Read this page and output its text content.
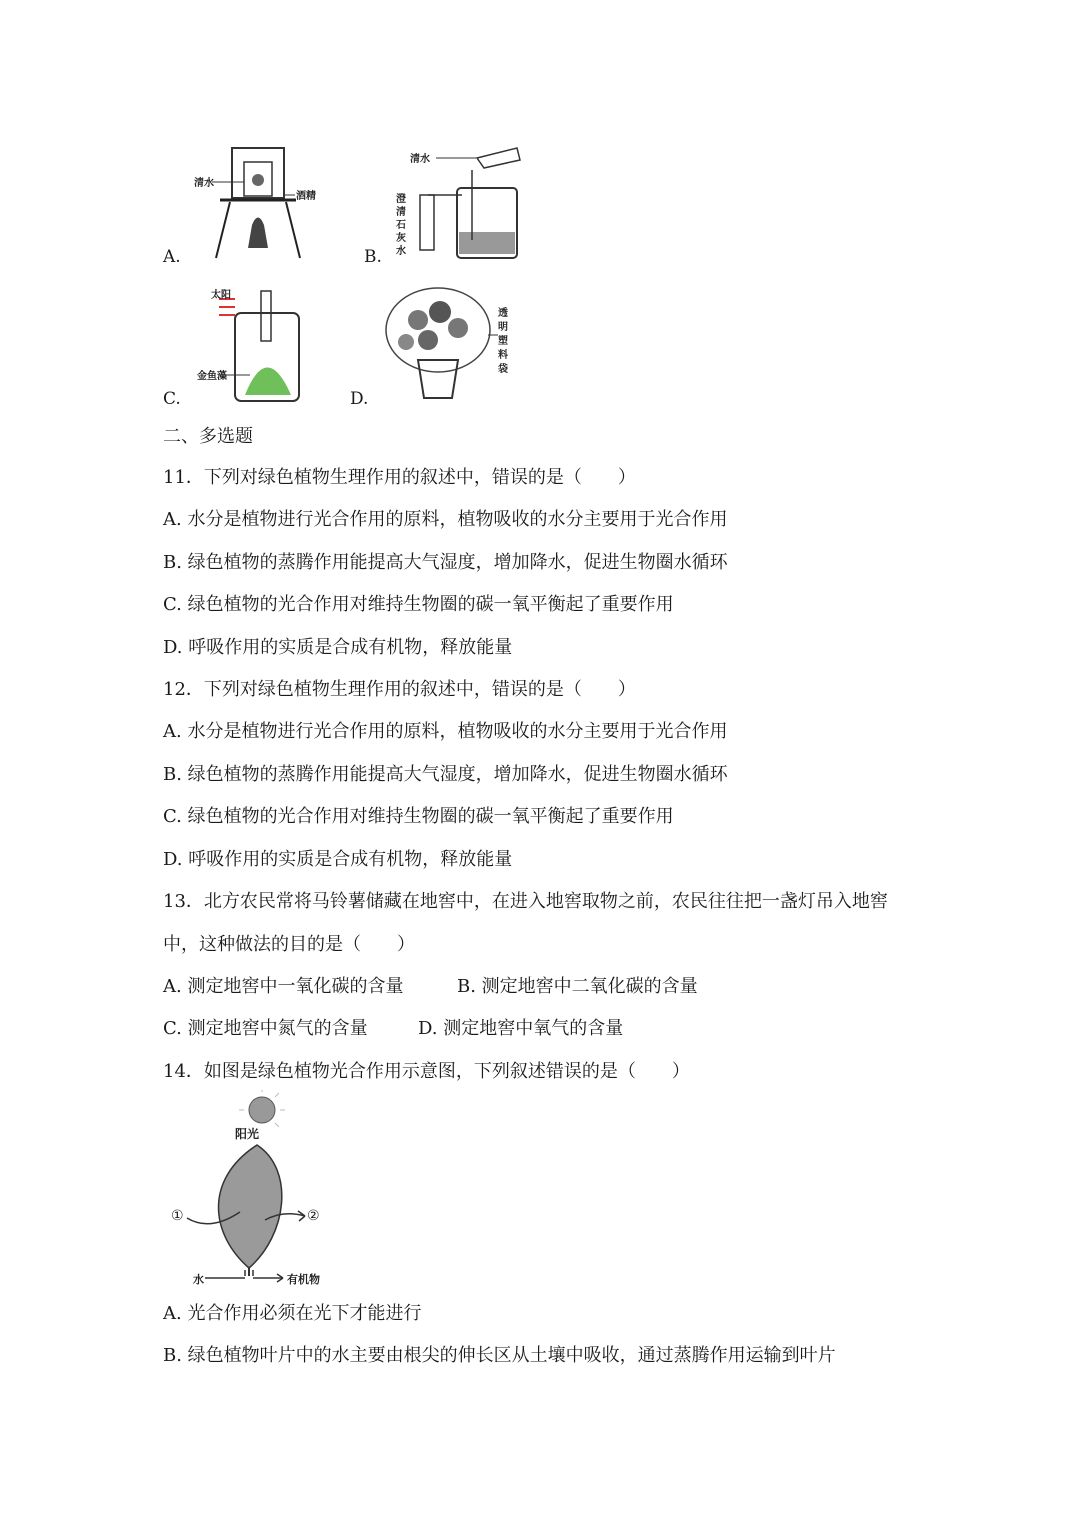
清水
酒精
A.
清水
澄
清
石
灰
水
B.
太阳
金鱼藻
C.
透
明
塑
料
袋
D.
二、多选题
11．下列对绿色植物生理作用的叙述中，错误的是（　　）
A. 水分是植物进行光合作用的原料，植物吸收的水分主要用于光合作用
B. 绿色植物的蒸腾作用能提高大气湿度，增加降水，促进生物圈水循环
C. 绿色植物的光合作用对维持生物圈的碳一氧平衡起了重要作用
D. 呼吸作用的实质是合成有机物，释放能量
12．下列对绿色植物生理作用的叙述中，错误的是（　　）
A. 水分是植物进行光合作用的原料，植物吸收的水分主要用于光合作用
B. 绿色植物的蒸腾作用能提高大气湿度，增加降水，促进生物圈水循环
C. 绿色植物的光合作用对维持生物圈的碳一氧平衡起了重要作用
D. 呼吸作用的实质是合成有机物，释放能量
13．北方农民常将马铃薯储藏在地窖中，在进入地窖取物之前，农民往往把一盏灯吊入地窖
中，这种做法的目的是（　　）
A. 测定地窖中一氧化碳的含量	B. 测定地窖中二氧化碳的含量
C. 测定地窖中氮气的含量	D. 测定地窖中氧气的含量
14．如图是绿色植物光合作用示意图，下列叙述错误的是（　　）
阳光
①	②
水	有机物
A. 光合作用必须在光下才能进行
B. 绿色植物叶片中的水主要由根尖的伸长区从土壤中吸收，通过蒸腾作用运输到叶片
